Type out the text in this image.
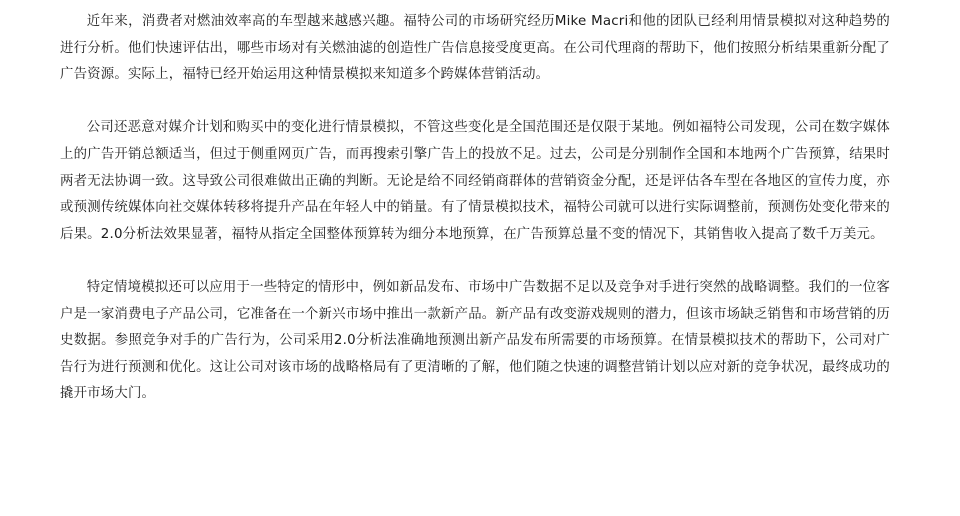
近年来，消费者对燃油效率高的车型越来越感兴趣。福特公司的市场研究经历Mike Macri和他的团队已经利用情景模拟对这种趋势的进行分析。他们快速评估出，哪些市场对有关燃油滤的创造性广告信息接受度更高。在公司代理商的帮助下，他们按照分析结果重新分配了广告资源。实际上，福特已经开始运用这种情景模拟来知道多个跨媒体营销活动。

公司还恶意对媒介计划和购买中的变化进行情景模拟，不管这些变化是全国范围还是仅限于某地。例如福特公司发现，公司在数字媒体上的广告开销总额适当，但过于侧重网页广告，而再搜索引擎广告上的投放不足。过去，公司是分别制作全国和本地两个广告预算，结果时两者无法协调一致。这导致公司很难做出正确的判断。无论是给不同经销商群体的营销资金分配，还是评估各车型在各地区的宣传力度，亦或预测传统媒体向社交媒体转移将提升产品在年轻人中的销量。有了情景模拟技术，福特公司就可以进行实际调整前，预测伤处变化带来的后果。2.0分析法效果显著，福特从指定全国整体预算转为细分本地预算，在广告预算总量不变的情况下，其销售收入提高了数千万美元。

特定情境模拟还可以应用于一些特定的情形中，例如新品发布、市场中广告数据不足以及竞争对手进行突然的战略调整。我们的一位客户是一家消费电子产品公司，它准备在一个新兴市场中推出一款新产品。新产品有改变游戏规则的潜力，但该市场缺乏销售和市场营销的历史数据。参照竞争对手的广告行为，公司采用2.0分析法准确地预测出新产品发布所需要的市场预算。在情景模拟技术的帮助下，公司对广告行为进行预测和优化。这让公司对该市场的战略格局有了更清晰的了解，他们随之快速的调整营销计划以应对新的竞争状况，最终成功的撬开市场大门。
